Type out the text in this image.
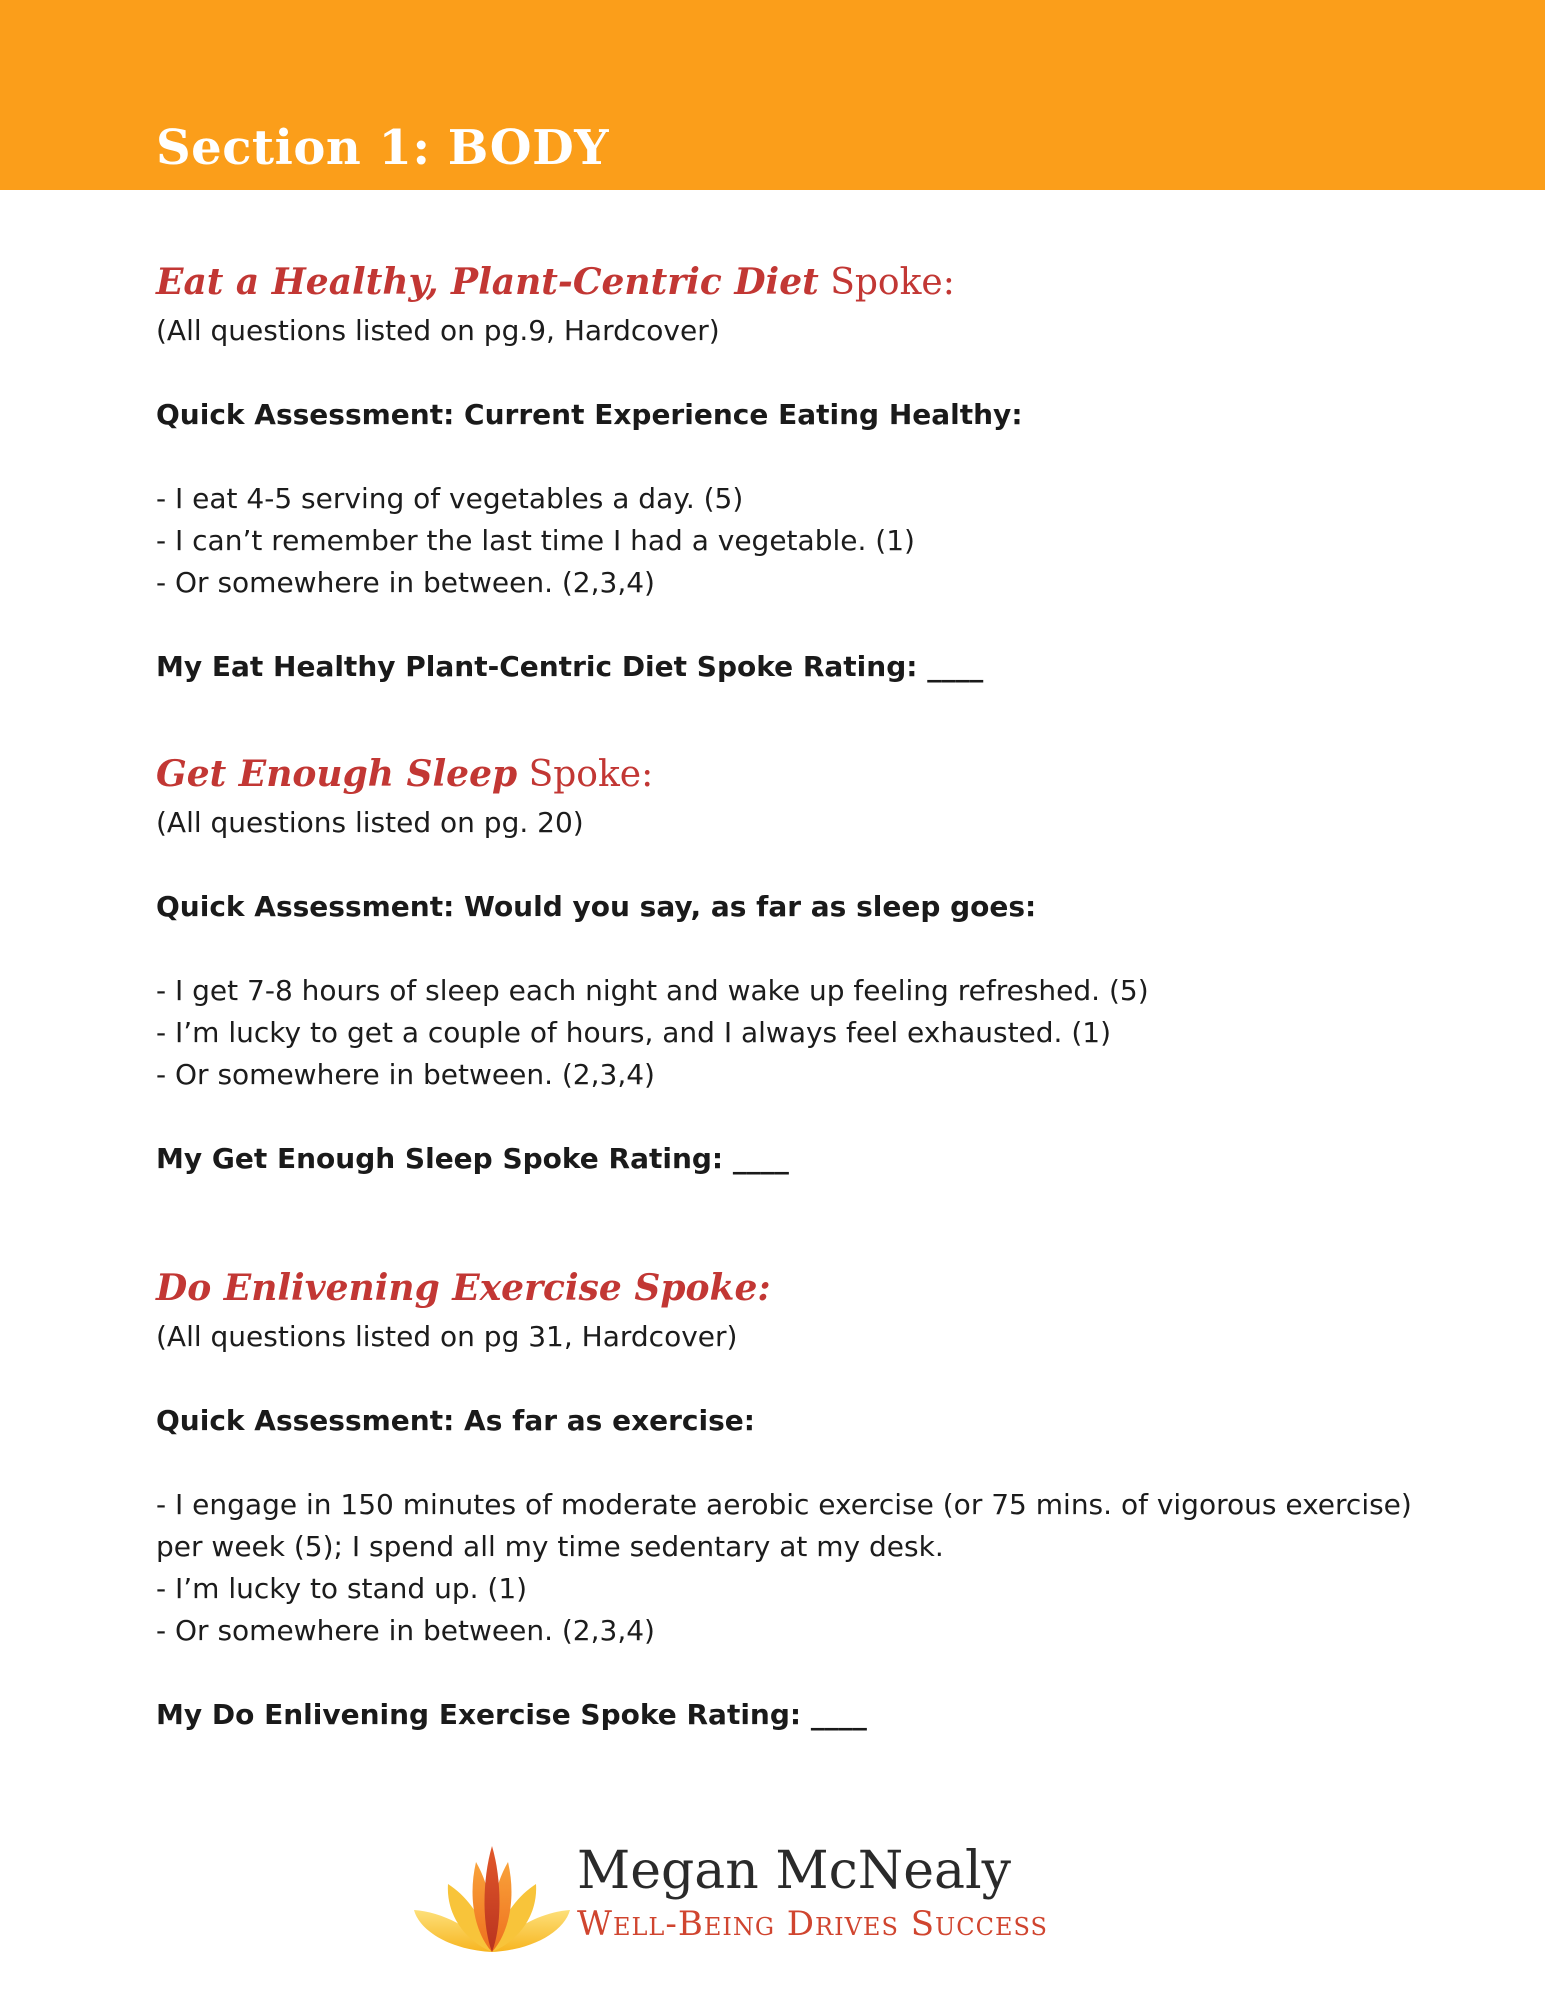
Section 1: BODY
Eat a Healthy, Plant-Centric Diet Spoke:

(All questions listed on pg.9, Hardcover)

Quick Assessment: Current Experience Eating Healthy:

- I eat 4-5 serving of vegetables a day. (5)

- I can’t remember the last time I had a vegetable. (1)

- Or somewhere in between. (2,3,4)

My Eat Healthy Plant-Centric Diet Spoke Rating: ____

Get Enough Sleep Spoke:

(All questions listed on pg. 20)

Quick Assessment: Would you say, as far as sleep goes:

- I get 7-8 hours of sleep each night and wake up feeling refreshed. (5)

- I’m lucky to get a couple of hours, and I always feel exhausted. (1)

- Or somewhere in between. (2,3,4)

My Get Enough Sleep Spoke Rating: ____

Do Enlivening Exercise Spoke:

(All questions listed on pg 31, Hardcover)

Quick Assessment: As far as exercise:

- I engage in 150 minutes of moderate aerobic exercise (or 75 mins. of vigorous exercise) per week (5); I spend all my time sedentary at my desk.

- I’m lucky to stand up. (1)

- Or somewhere in between. (2,3,4)

My Do Enlivening Exercise Spoke Rating: ____

Megan McNealy

Well-Being Drives Success
